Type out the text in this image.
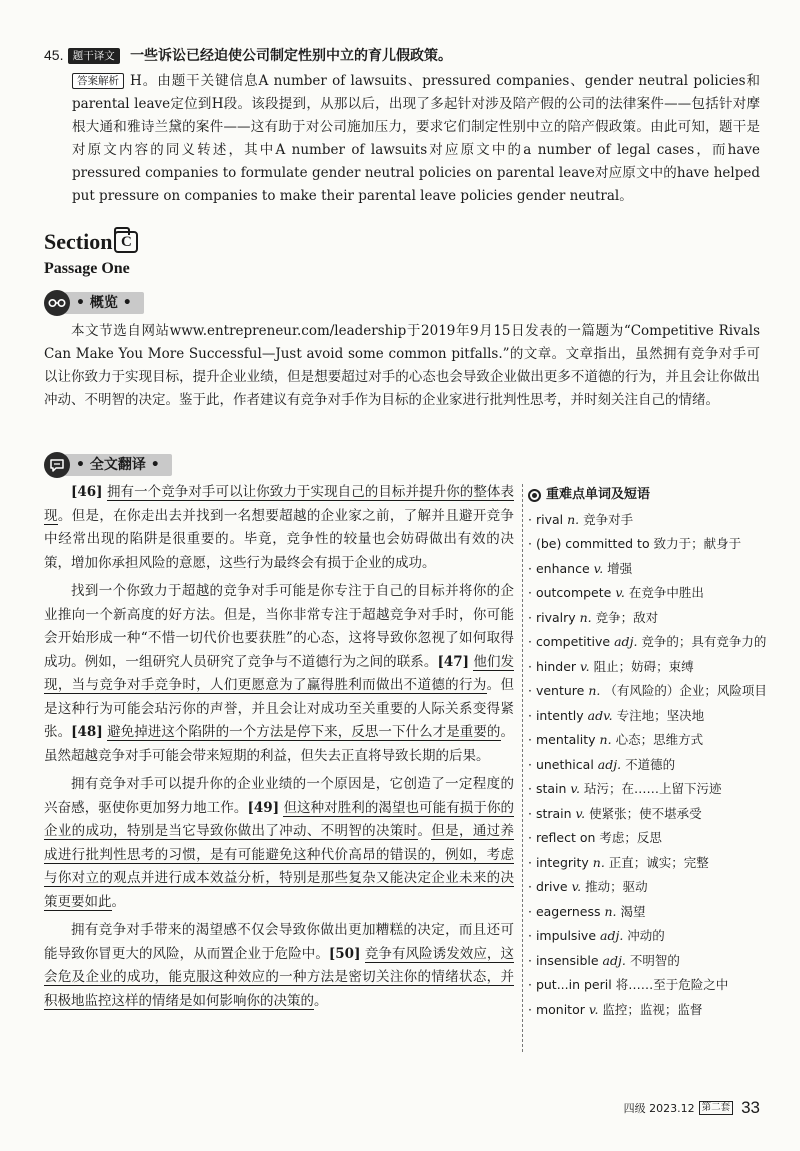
45. 题干译文 一些诉讼已经迫使公司制定性别中立的育儿假政策。
答案解析 H。由题干关键信息A number of lawsuits、pressured companies、gender neutral policies和parental leave定位到H段。该段提到，从那以后，出现了多起针对涉及陪产假的公司的法律案件——包括针对摩根大通和雅诗兰黛的案件——这有助于对公司施加压力，要求它们制定性别中立的陪产假政策。由此可知，题干是对原文内容的同义转述，其中A number of lawsuits对应原文中的a number of legal cases，而have pressured companies to formulate gender neutral policies on parental leave对应原文中的have helped put pressure on companies to make their parental leave policies gender neutral。
Section C
Passage One
• 概览 •
本文节选自网站www.entrepreneur.com/leadership于2019年9月15日发表的一篇题为“Competitive Rivals Can Make You More Successful—Just avoid some common pitfalls.”的文章。文章指出，虽然拥有竞争对手可以让你致力于实现目标，提升企业业绩，但是想要超过对手的心态也会导致企业做出更多不道德的行为，并且会让你做出冲动、不明智的决定。鉴于此，作者建议有竞争对手作为目标的企业家进行批判性思考，并时刻关注自己的情绪。
• 全文翻译 •

[46] 拥有一个竞争对手可以让你致力于实现自己的目标并提升你的整体表现。但是，在你走出去并找到一名想要超越的企业家之前，了解并且避开竞争中经常出现的陷阱是很重要的。毕竟，竞争性的较量也会妨碍做出有效的决策，增加你承担风险的意愿，这些行为最终会有损于企业的成功。

找到一个你致力于超越的竞争对手可能是你专注于自己的目标并将你的企业推向一个新高度的好方法。但是，当你非常专注于超越竞争对手时，你可能会开始形成一种“不惜一切代价也要获胜”的心态，这将导致你忽视了如何取得成功。例如，一组研究人员研究了竞争与不道德行为之间的联系。[47] 他们发现，当与竞争对手竞争时，人们更愿意为了赢得胜利而做出不道德的行为。但是这种行为可能会玷污你的声誉，并且会让对成功至关重要的人际关系变得紧张。[48] 避免掉进这个陷阱的一个方法是停下来，反思一下什么才是重要的。虽然超越竞争对手可能会带来短期的利益，但失去正直将导致长期的后果。

拥有竞争对手可以提升你的企业业绩的一个原因是，它创造了一定程度的兴奋感，驱使你更加努力地工作。[49] 但这种对胜利的渴望也可能有损于你的企业的成功，特别是当它导致你做出了冲动、不明智的决策时。但是，通过养成进行批判性思考的习惯，是有可能避免这种代价高昂的错误的，例如，考虑与你对立的观点并进行成本效益分析，特别是那些复杂又能决定企业未来的决策更要如此。

拥有竞争对手带来的渴望感不仅会导致你做出更加糟糕的决定，而且还可能导致你冒更大的风险，从而置企业于危险中。[50] 竞争有风险诱发效应，这会危及企业的成功，能克服这种效应的一种方法是密切关注你的情绪状态，并积极地监控这样的情绪是如何影响你的决策的。

重难点单词及短语
· rival n. 竞争对手
· (be) committed to 致力于；献身于
· enhance v. 增强
· outcompete v. 在竞争中胜出
· rivalry n. 竞争；敌对
· competitive adj. 竞争的；具有竞争力的
· hinder v. 阻止；妨碍；束缚
· venture n. （有风险的）企业；风险项目
· intently adv. 专注地；坚决地
· mentality n. 心态；思维方式
· unethical adj. 不道德的
· stain v. 玷污；在……上留下污迹
· strain v. 使紧张；使不堪承受
· reflect on 考虑；反思
· integrity n. 正直；诚实；完整
· drive v. 推动；驱动
· eagerness n. 渴望
· impulsive adj. 冲动的
· insensible adj. 不明智的
· put...in peril 将……至于危险之中
· monitor v. 监控；监视；监督
四级 2023.12 第二套 33
